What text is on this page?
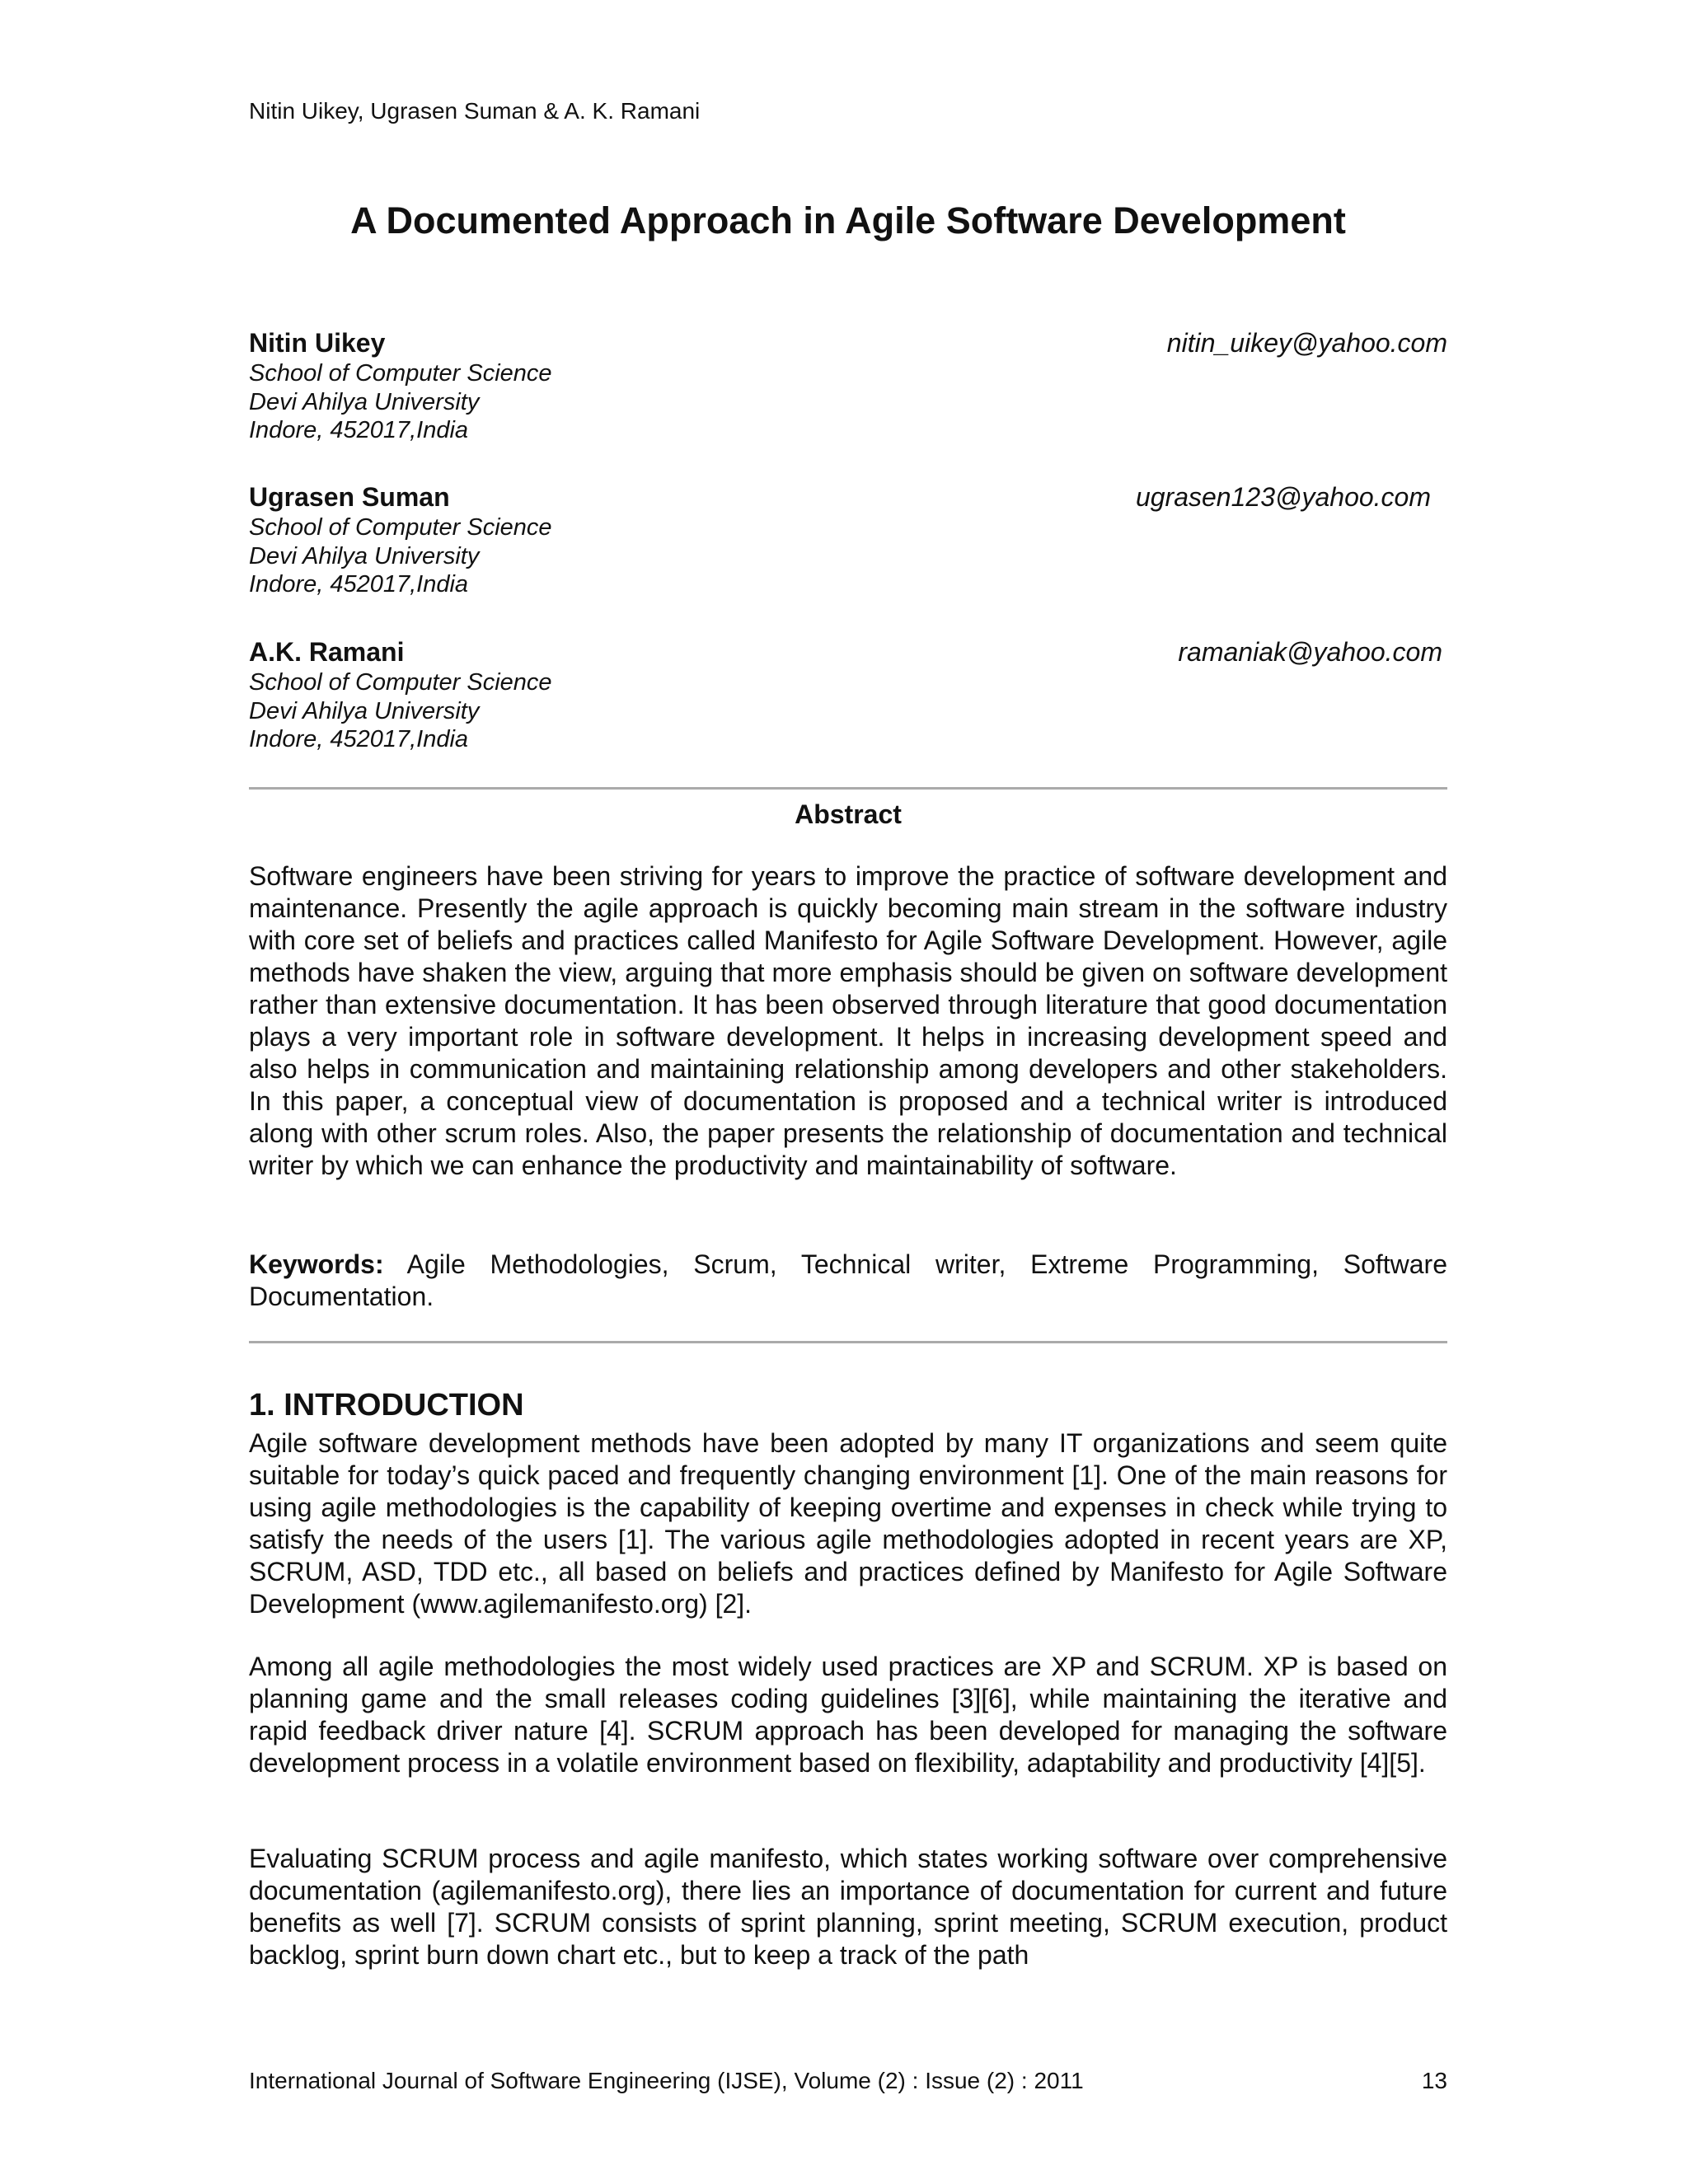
Nitin Uikey, Ugrasen Suman & A. K. Ramani
A Documented Approach in Agile Software Development
Nitin Uikey
School of Computer Science
Devi Ahilya University
Indore, 452017,India
nitin_uikey@yahoo.com
Ugrasen Suman
School of Computer Science
Devi Ahilya University
Indore, 452017,India
ugrasen123@yahoo.com
A.K. Ramani
School of Computer Science
Devi Ahilya University
Indore, 452017,India
ramaniak@yahoo.com
Abstract

Software engineers have been striving for years to improve the practice of software development and maintenance. Presently the agile approach is quickly becoming main stream in the software industry with core set of beliefs and practices called Manifesto for Agile Software Development. However, agile methods have shaken the view, arguing that more emphasis should be given on software development rather than extensive documentation. It has been observed through literature that good documentation plays a very important role in software development. It helps in increasing development speed and also helps in communication and maintaining relationship among developers and other stakeholders. In this paper, a conceptual view of documentation is proposed and a technical writer is introduced along with other scrum roles. Also, the paper presents the relationship of documentation and technical writer by which we can enhance the productivity and maintainability of software.

Keywords: Agile Methodologies, Scrum, Technical writer, Extreme Programming, Software Documentation.

1. INTRODUCTION

Agile software development methods have been adopted by many IT organizations and seem quite suitable for today’s quick paced and frequently changing environment [1]. One of the main reasons for using agile methodologies is the capability of keeping overtime and expenses in check while trying to satisfy the needs of the users [1]. The various agile methodologies adopted in recent years are XP, SCRUM, ASD, TDD etc., all based on beliefs and practices defined by Manifesto for Agile Software Development (www.agilemanifesto.org) [2].

Among all agile methodologies the most widely used practices are XP and SCRUM. XP is based on planning game and the small releases coding guidelines [3][6], while maintaining the iterative and rapid feedback driver nature [4]. SCRUM approach has been developed for managing the software development process in a volatile environment based on flexibility, adaptability and productivity [4][5].

Evaluating SCRUM process and agile manifesto, which states working software over comprehensive documentation (agilemanifesto.org), there lies an importance of documentation for current and future benefits as well [7]. SCRUM consists of sprint planning, sprint meeting, SCRUM execution, product backlog, sprint burn down chart etc., but to keep a track of the path

International Journal of Software Engineering (IJSE), Volume (2) : Issue (2) : 2011	13
